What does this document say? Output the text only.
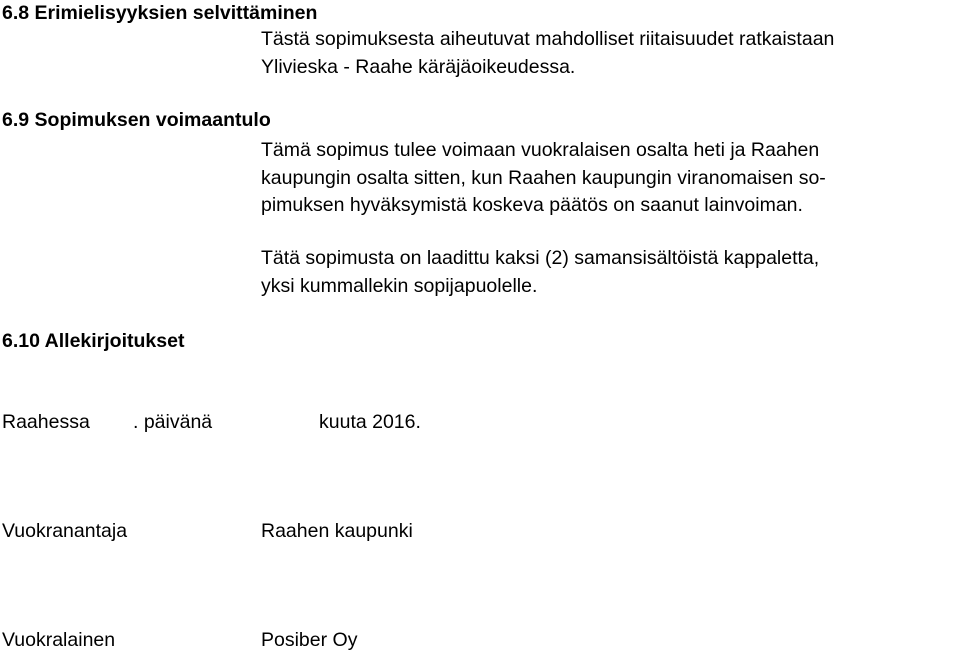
6.8 Erimielisyyksien selvittäminen
Tästä sopimuksesta aiheutuvat mahdolliset riitaisuudet ratkaistaan
Ylivieska - Raahe käräjäoikeudessa.
6.9 Sopimuksen voimaantulo
Tämä sopimus tulee voimaan vuokralaisen osalta heti ja Raahen
kaupungin osalta sitten, kun Raahen kaupungin viranomaisen so-
pimuksen hyväksymistä koskeva päätös on saanut lainvoiman.
Tätä sopimusta on laadittu kaksi (2) samansisältöistä kappaletta,
yksi kummallekin sopijapuolelle.
6.10 Allekirjoitukset
Raahessa . päivänä	kuuta 2016.
Vuokranantaja	Raahen kaupunki
Vuokralainen	Posiber Oy
